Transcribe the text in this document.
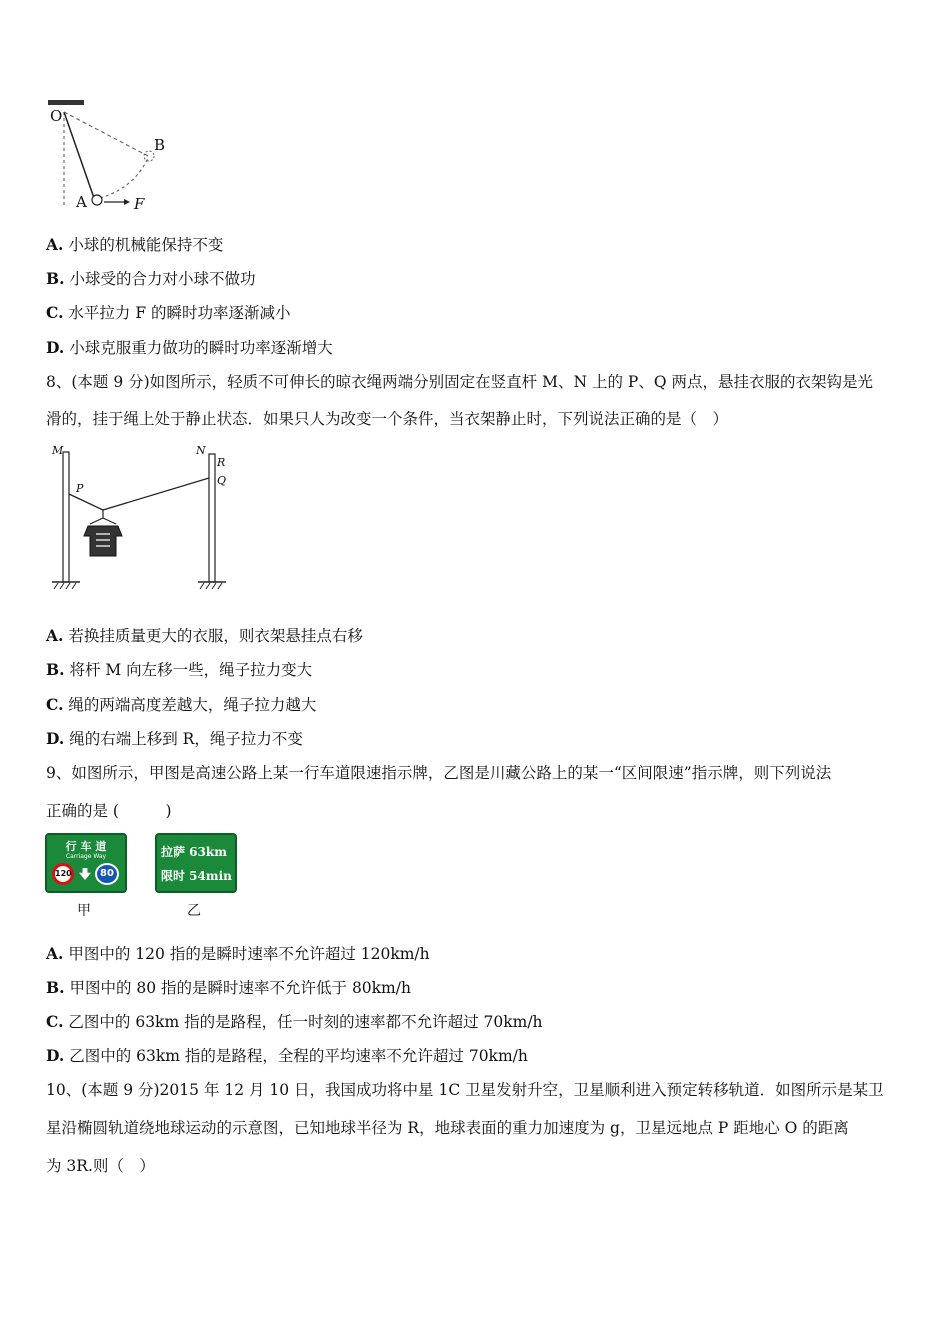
O
B
A	F
A. 小球的机械能保持不变
B. 小球受的合力对小球不做功
C. 水平拉力 F 的瞬时功率逐渐减小
D. 小球克服重力做功的瞬时功率逐渐增大
8、(本题 9 分)如图所示，轻质不可伸长的晾衣绳两端分别固定在竖直杆 M、N 上的 P、Q 两点，悬挂衣服的衣架钩是光
滑的，挂于绳上处于静止状态．如果只人为改变一个条件，当衣架静止时，下列说法正确的是（　）
M	N
R
Q
P
A. 若换挂质量更大的衣服，则衣架悬挂点右移
B. 将杆 M 向左移一些，绳子拉力变大
C. 绳的两端高度差越大，绳子拉力越大
D. 绳的右端上移到 R，绳子拉力不变
9、如图所示，甲图是高速公路上某一行车道限速指示牌，乙图是川藏公路上的某一“区间限速”指示牌，则下列说法
正确的是 (　　　)
行 车 道
Carriage Way
120	80
甲
拉萨 63km
限时 54min
乙
A. 甲图中的 120 指的是瞬时速率不允许超过 120km/h
B. 甲图中的 80 指的是瞬时速率不允许低于 80km/h
C. 乙图中的 63km 指的是路程，任一时刻的速率都不允许超过 70km/h
D. 乙图中的 63km 指的是路程，全程的平均速率不允许超过 70km/h
10、(本题 9 分)2015 年 12 月 10 日，我国成功将中星 1C 卫星发射升空，卫星顺利进入预定转移轨道．如图所示是某卫
星沿椭圆轨道绕地球运动的示意图，已知地球半径为 R，地球表面的重力加速度为 g，卫星远地点 P 距地心 O 的距离
为 3R.则（　）
